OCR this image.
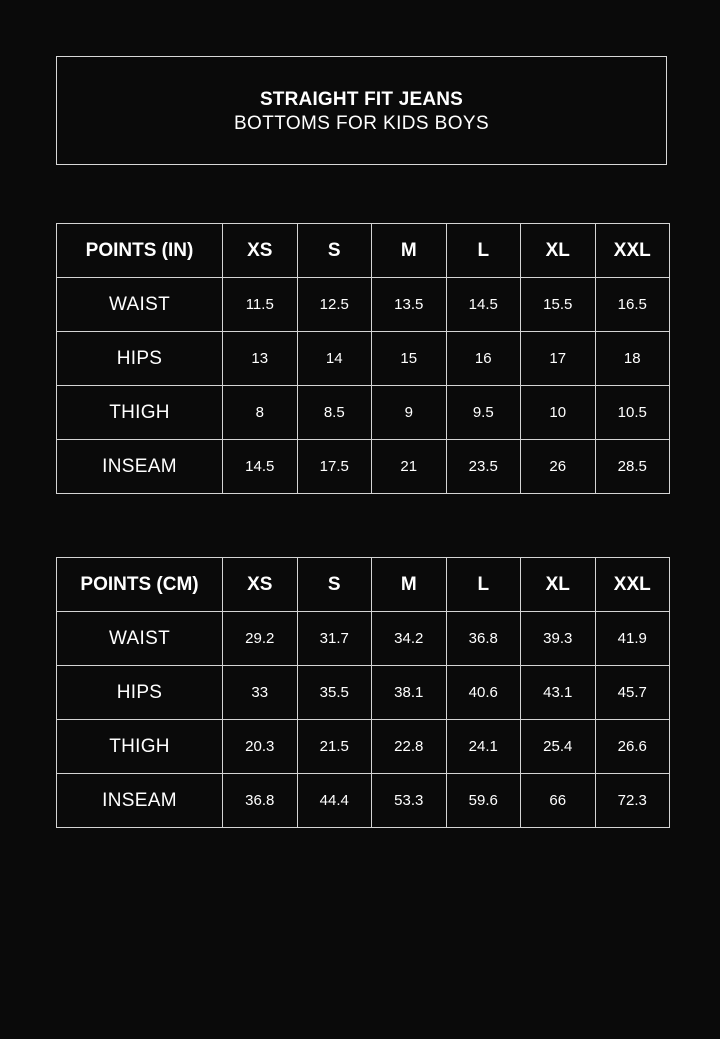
STRAIGHT FIT JEANS
BOTTOMS FOR KIDS BOYS
POINTS (IN)	XS	S	M	L	XL	XXL
WAIST	11.5	12.5	13.5	14.5	15.5	16.5
HIPS	13	14	15	16	17	18
THIGH	8	8.5	9	9.5	10	10.5
INSEAM	14.5	17.5	21	23.5	26	28.5
POINTS (CM)	XS	S	M	L	XL	XXL
WAIST	29.2	31.7	34.2	36.8	39.3	41.9
HIPS	33	35.5	38.1	40.6	43.1	45.7
THIGH	20.3	21.5	22.8	24.1	25.4	26.6
INSEAM	36.8	44.4	53.3	59.6	66	72.3
